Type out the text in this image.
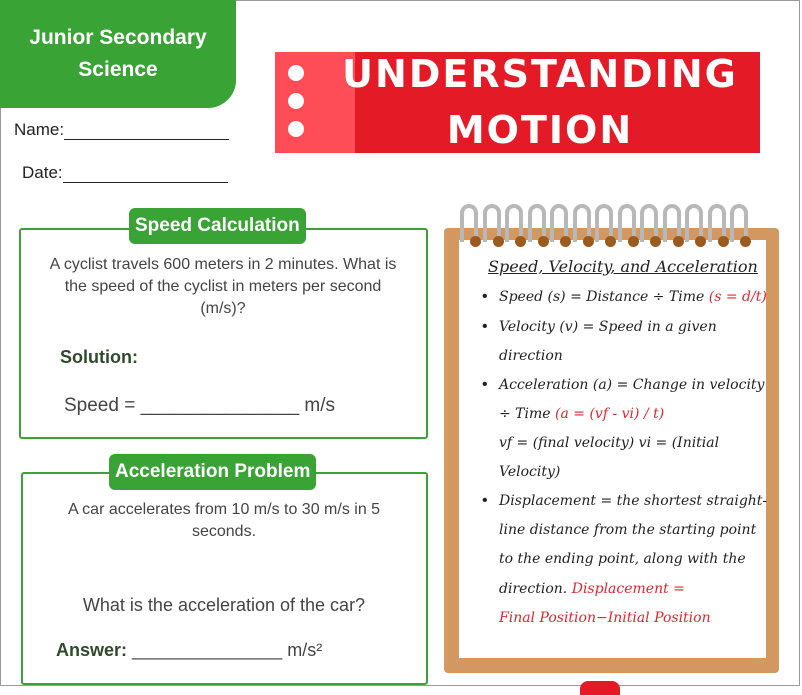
Junior Secondary
Science
Name:
Date:
UNDERSTANDING
MOTION
Speed Calculation
A cyclist travels 600 meters in 2 minutes. What is
the speed of the cyclist in meters per second
(m/s)?
Solution:
Speed = _______________ m/s
Acceleration Problem
A car accelerates from 10 m/s to 30 m/s in 5
seconds.
What is the acceleration of the car?
Answer: _______________ m/s²
Speed, Velocity, and Acceleration
• Speed (s) = Distance ÷ Time (s = d/t)
• Velocity (v) = Speed in a given
direction
• Acceleration (a) = Change in velocity
÷ Time (a = (vf - vi) / t)
vf = (final velocity) vi = (Initial
Velocity)
• Displacement = the shortest straight-
line distance from the starting point
to the ending point, along with the
direction. Displacement =
Final Position−Initial Position
